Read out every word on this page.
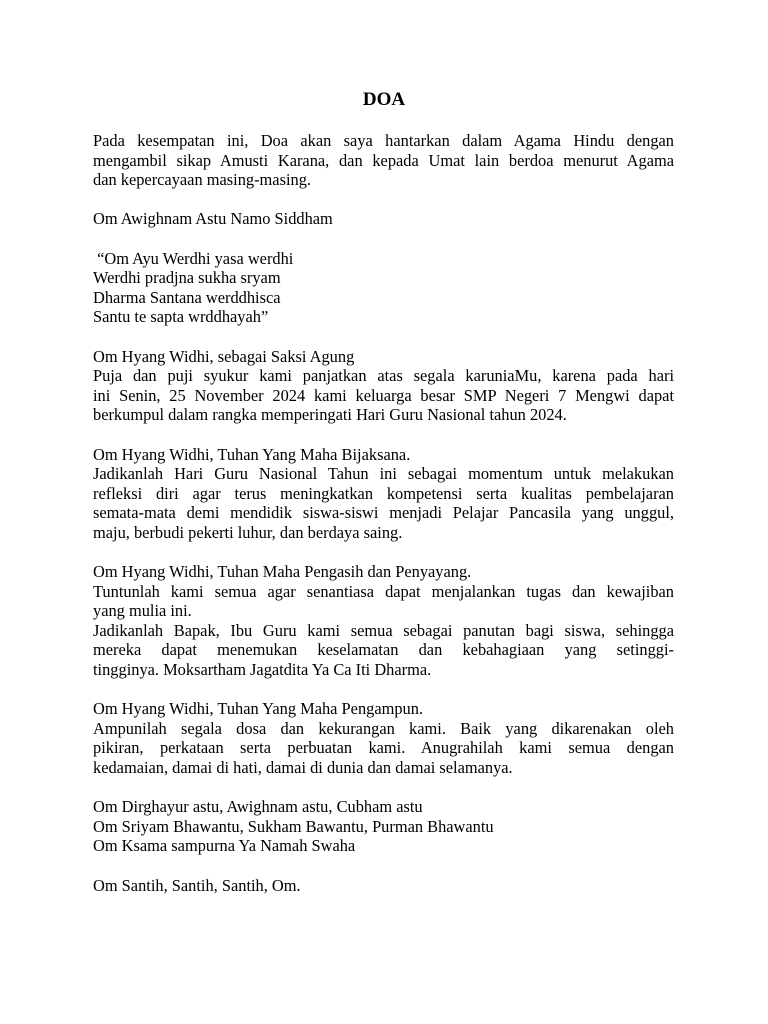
DOA
Pada kesempatan ini, Doa akan saya hantarkan dalam Agama Hindu dengan
mengambil sikap Amusti Karana, dan kepada Umat lain berdoa menurut Agama
dan kepercayaan masing-masing.
Om Awighnam Astu Namo Siddham
“Om Ayu Werdhi yasa werdhi
Werdhi pradjna sukha sryam
Dharma Santana werddhisca
Santu te sapta wrddhayah”
Om Hyang Widhi, sebagai Saksi Agung
Puja dan puji syukur kami panjatkan atas segala karuniaMu, karena pada hari
ini Senin, 25 November 2024 kami keluarga besar SMP Negeri 7 Mengwi dapat
berkumpul dalam rangka memperingati Hari Guru Nasional tahun 2024.
Om Hyang Widhi, Tuhan Yang Maha Bijaksana.
Jadikanlah Hari Guru Nasional Tahun ini sebagai momentum untuk melakukan
refleksi diri agar terus meningkatkan kompetensi serta kualitas pembelajaran
semata-mata demi mendidik siswa-siswi menjadi Pelajar Pancasila yang unggul,
maju, berbudi pekerti luhur, dan berdaya saing.
Om Hyang Widhi, Tuhan Maha Pengasih dan Penyayang.
Tuntunlah kami semua agar senantiasa dapat menjalankan tugas dan kewajiban
yang mulia ini.
Jadikanlah Bapak, Ibu Guru kami semua sebagai panutan bagi siswa, sehingga
mereka dapat menemukan keselamatan dan kebahagiaan yang setinggi-
tingginya. Moksartham Jagatdita Ya Ca Iti Dharma.
Om Hyang Widhi, Tuhan Yang Maha Pengampun.
Ampunilah segala dosa dan kekurangan kami. Baik yang dikarenakan oleh
pikiran, perkataan serta perbuatan kami. Anugrahilah kami semua dengan
kedamaian, damai di hati, damai di dunia dan damai selamanya.
Om Dirghayur astu, Awighnam astu, Cubham astu
Om Sriyam Bhawantu, Sukham Bawantu, Purman Bhawantu
Om Ksama sampurna Ya Namah Swaha
Om Santih, Santih, Santih, Om.
